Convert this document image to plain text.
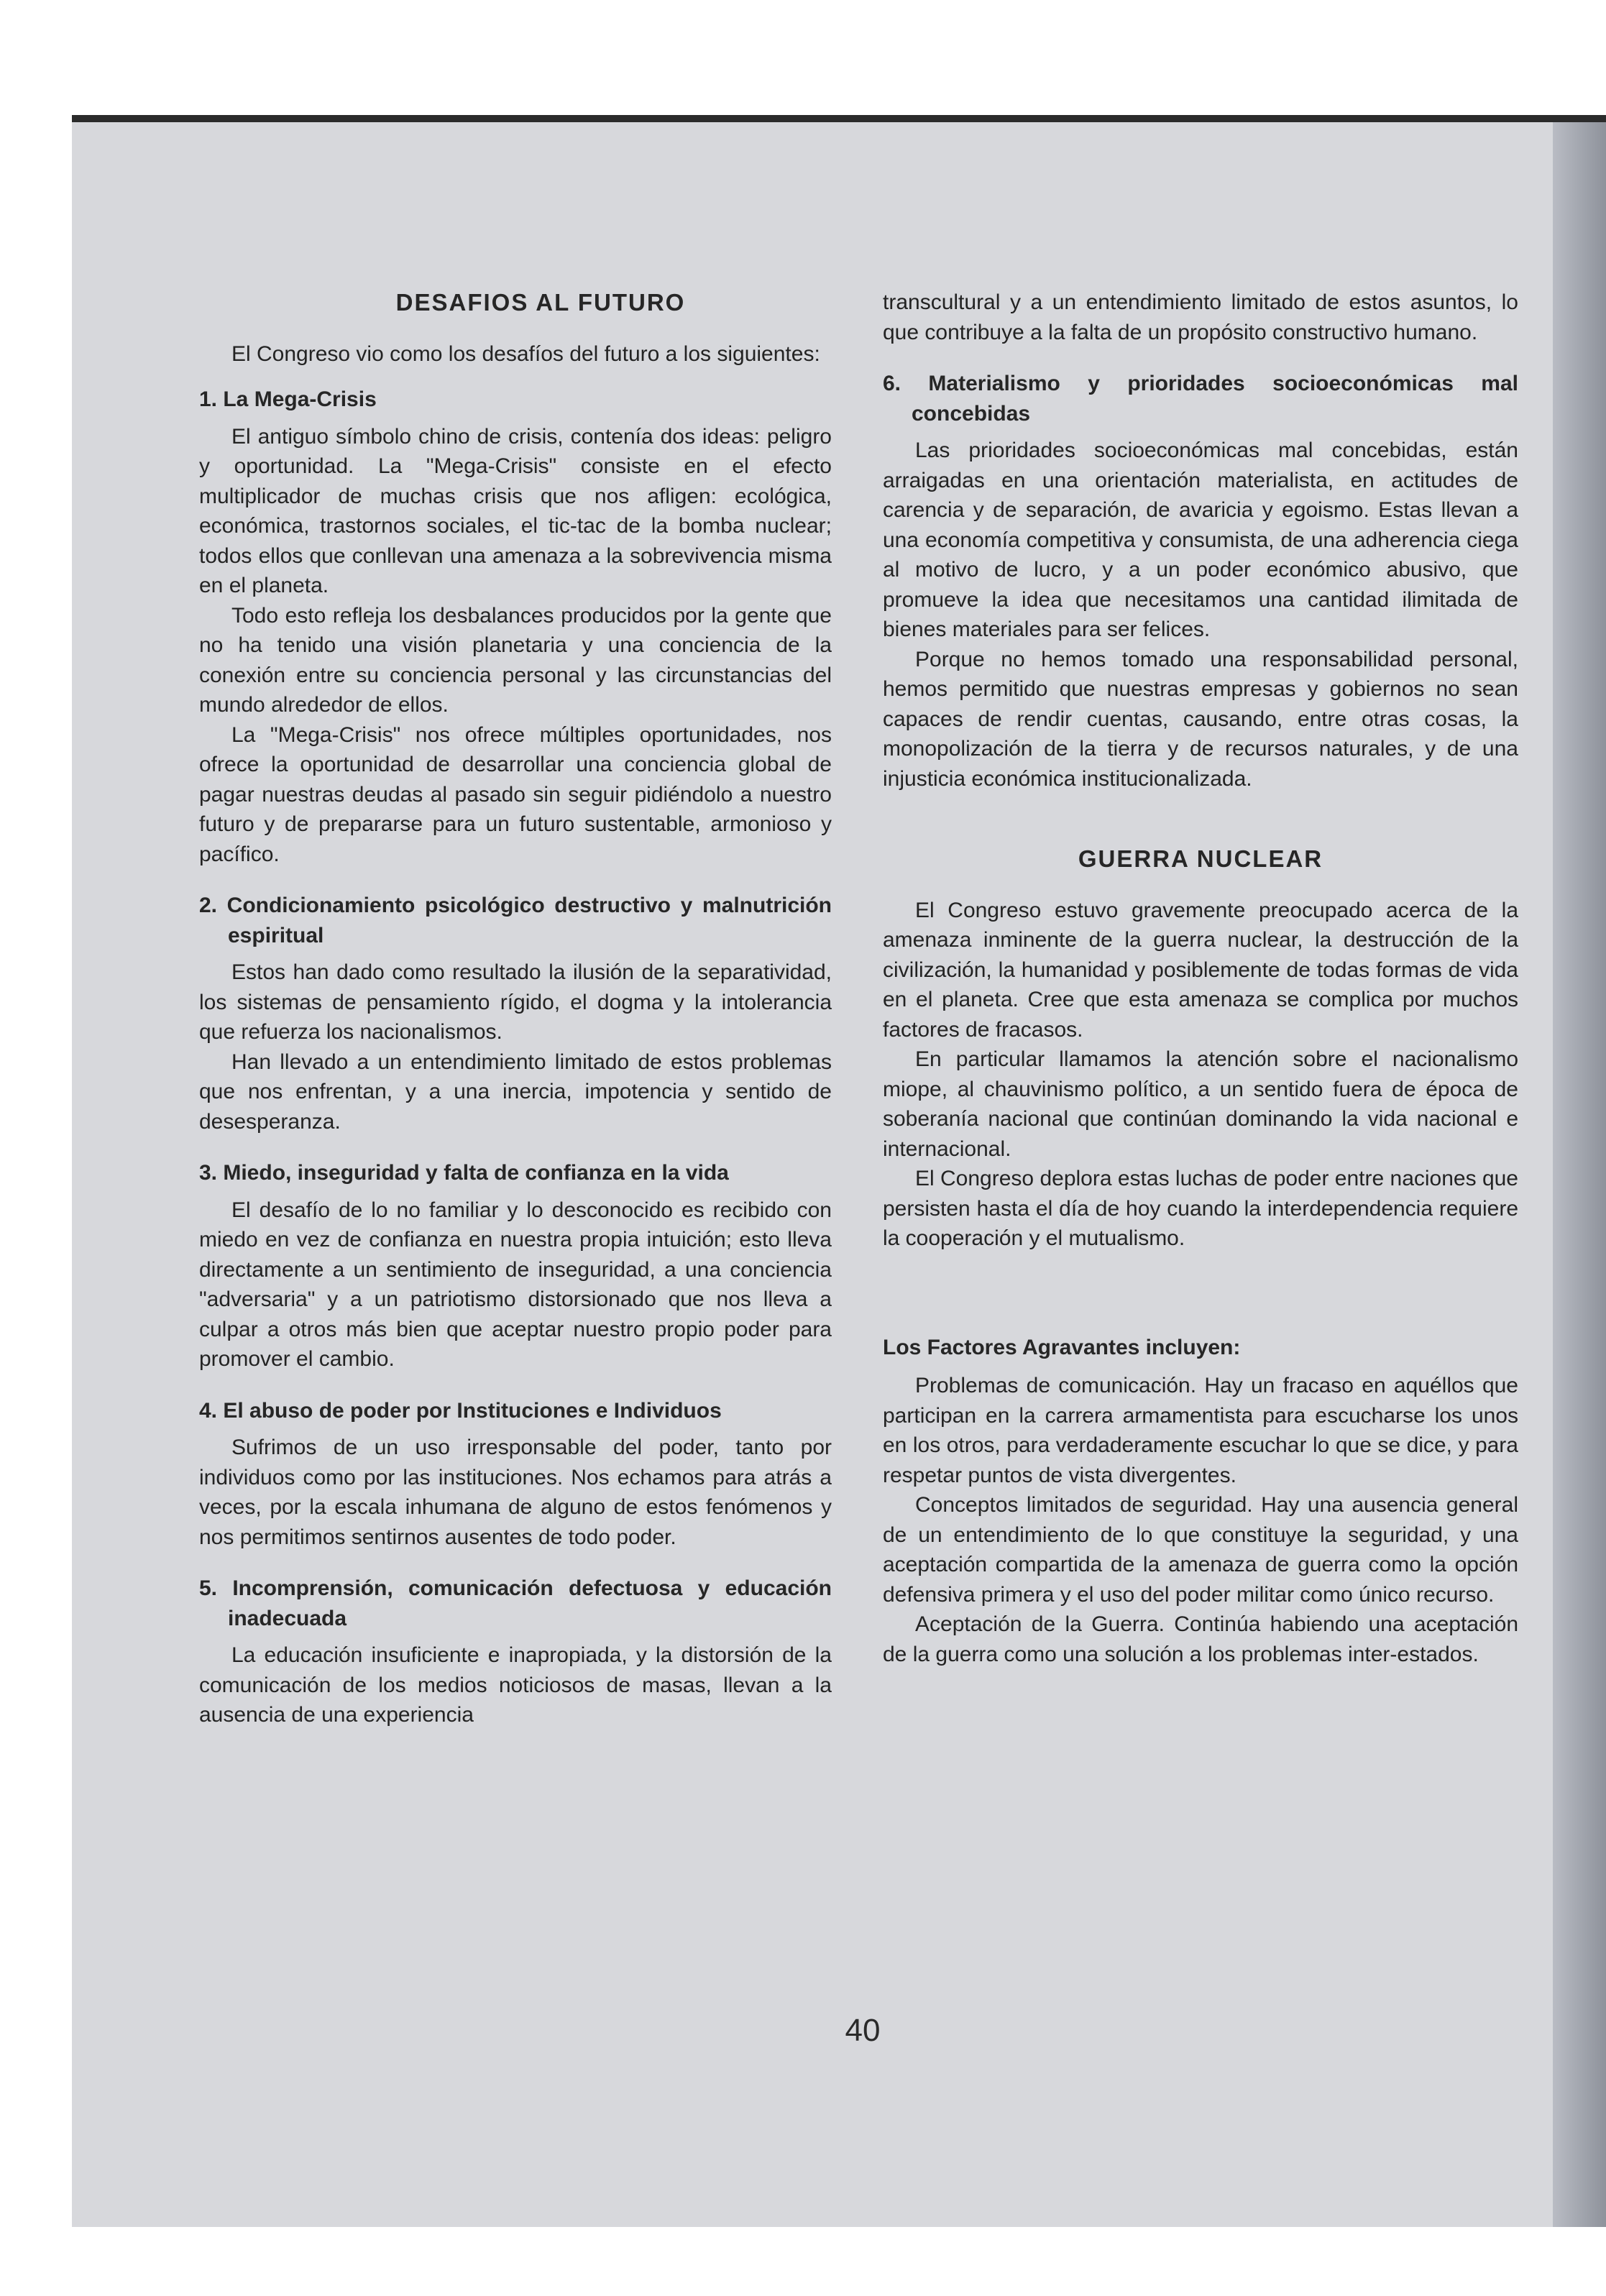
DESAFIOS AL FUTURO

El Congreso vio como los desafíos del futuro a los siguientes:

1. La Mega-Crisis

El antiguo símbolo chino de crisis, contenía dos ideas: peligro y oportunidad. La "Mega-Crisis" consiste en el efecto multiplicador de muchas crisis que nos afligen: ecológica, económica, trastornos sociales, el tic-tac de la bomba nuclear; todos ellos que conllevan una amenaza a la sobrevivencia misma en el planeta.

Todo esto refleja los desbalances producidos por la gente que no ha tenido una visión planetaria y una conciencia de la conexión entre su conciencia personal y las circunstancias del mundo alrededor de ellos.

La "Mega-Crisis" nos ofrece múltiples oportunidades, nos ofrece la oportunidad de desarrollar una conciencia global de pagar nuestras deudas al pasado sin seguir pidiéndolo a nuestro futuro y de prepararse para un futuro sustentable, armonioso y pacífico.

2. Condicionamiento psicológico destructivo y malnutrición espiritual

Estos han dado como resultado la ilusión de la separatividad, los sistemas de pensamiento rígido, el dogma y la intolerancia que refuerza los nacionalismos.

Han llevado a un entendimiento limitado de estos problemas que nos enfrentan, y a una inercia, impotencia y sentido de desesperanza.

3. Miedo, inseguridad y falta de confianza en la vida

El desafío de lo no familiar y lo desconocido es recibido con miedo en vez de confianza en nuestra propia intuición; esto lleva directamente a un sentimiento de inseguridad, a una conciencia "adversaria" y a un patriotismo distorsionado que nos lleva a culpar a otros más bien que aceptar nuestro propio poder para promover el cambio.

4. El abuso de poder por Instituciones e Individuos

Sufrimos de un uso irresponsable del poder, tanto por individuos como por las instituciones. Nos echamos para atrás a veces, por la escala inhumana de alguno de estos fenómenos y nos permitimos sentirnos ausentes de todo poder.

5. Incomprensión, comunicación defectuosa y educación inadecuada

La educación insuficiente e inapropiada, y la distorsión de la comunicación de los medios noticiosos de masas, llevan a la ausencia de una experiencia

transcultural y a un entendimiento limitado de estos asuntos, lo que contribuye a la falta de un propósito constructivo humano.

6. Materialismo y prioridades socioeconómicas mal concebidas

Las prioridades socioeconómicas mal concebidas, están arraigadas en una orientación materialista, en actitudes de carencia y de separación, de avaricia y egoismo. Estas llevan a una economía competitiva y consumista, de una adherencia ciega al motivo de lucro, y a un poder económico abusivo, que promueve la idea que necesitamos una cantidad ilimitada de bienes materiales para ser felices.

Porque no hemos tomado una responsabilidad personal, hemos permitido que nuestras empresas y gobiernos no sean capaces de rendir cuentas, causando, entre otras cosas, la monopolización de la tierra y de recursos naturales, y de una injusticia económica institucionalizada.

GUERRA NUCLEAR

El Congreso estuvo gravemente preocupado acerca de la amenaza inminente de la guerra nuclear, la destrucción de la civilización, la humanidad y posiblemente de todas formas de vida en el planeta. Cree que esta amenaza se complica por muchos factores de fracasos.

En particular llamamos la atención sobre el nacionalismo miope, al chauvinismo político, a un sentido fuera de época de soberanía nacional que continúan dominando la vida nacional e internacional.

El Congreso deplora estas luchas de poder entre naciones que persisten hasta el día de hoy cuando la interdependencia requiere la cooperación y el mutualismo.

Los Factores Agravantes incluyen:

Problemas de comunicación. Hay un fracaso en aquéllos que participan en la carrera armamentista para escucharse los unos en los otros, para verdaderamente escuchar lo que se dice, y para respetar puntos de vista divergentes.

Conceptos limitados de seguridad. Hay una ausencia general de un entendimiento de lo que constituye la seguridad, y una aceptación compartida de la amenaza de guerra como la opción defensiva primera y el uso del poder militar como único recurso.

Aceptación de la Guerra. Continúa habiendo una aceptación de la guerra como una solución a los problemas inter-estados.

40
